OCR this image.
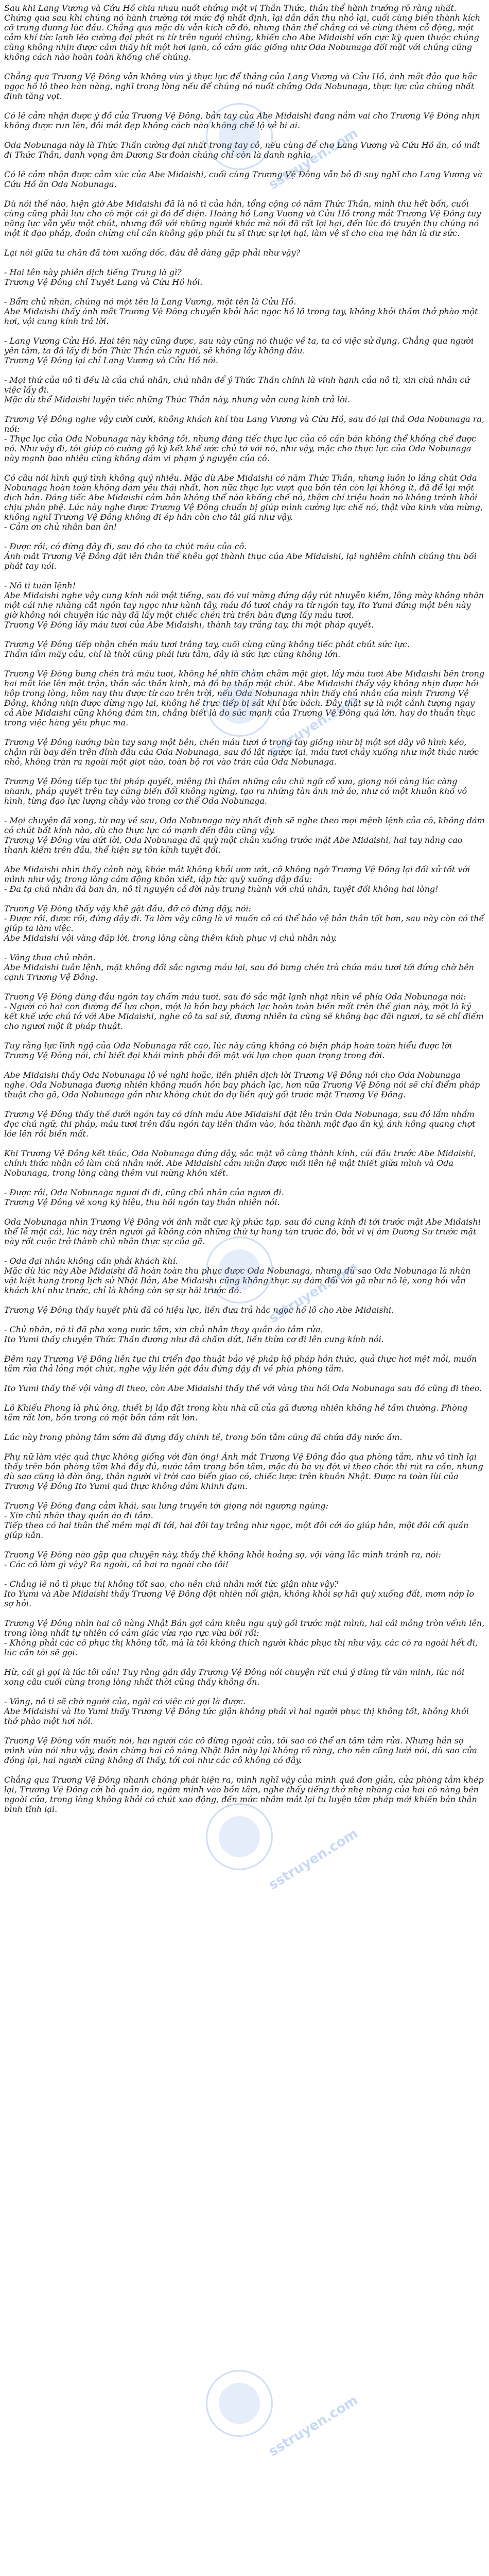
Sau khi Lang Vương và Cửu Hồ chia nhau nuốt chửng một vị Thần Thức, thân thể hành trướng rõ ràng nhất. Chứng qua sau khi chúng nó hành trường tới mức độ nhất định, lại dần dần thu nhỏ lại, cuối cùng biến thành kích cỡ trung đương lúc đầu. Chẳng qua mặc dù vẫn kích cỡ đó, nhưng thân thể chẳng có vẻ cùng thêm cỗ động, một cảm khí tức lạnh lẽo cường đại phát ra từ trên người chúng, khiến cho Abe Midaishi vốn cực kỳ quen thuộc chúng cũng không nhịn được cảm thấy hít một hơi lạnh, có cảm giác giống như Oda Nobunaga đối mặt với chúng cũng không cách nào hoàn toàn khống chế chúng.

Chẳng qua Trương Vệ Đông vẫn không vừa ý thực lực để thắng của Lang Vương và Cửu Hồ, ánh mắt đảo qua hắc ngọc hồ lô theo hàn nàng, nghĩ trong lòng nếu để chúng nó nuốt chửng Oda Nobunaga, thực lực của chúng nhất định tăng vọt.

Có lẽ cảm nhận được ý đồ của Trương Vệ Đông, bản tay của Abe Midaishi đang nắm vai cho Trương Vệ Đông nhịn không được run lên, đôi mắt đẹp không cách nào không chế lộ vẻ bi ai.

Oda Nobunaga này là Thức Thần cường đại nhất trong tay cô, nếu cùng để cho Lang Vương và Cửu Hồ ăn, có mất đi Thức Thần, danh vọng âm Dương Sư đoàn chúng chỉ còn là danh nghĩa.

Có lẽ cảm nhận được cảm xúc của Abe Midaishi, cuối cùng Trương Vệ Đông vẫn bỏ đi suy nghĩ cho Lang Vương và Cửu Hồ ăn Oda Nobunaga.

Dù nói thế nào, hiện giờ Abe Midaishi đã là nô tì của hắn, tổng cộng có năm Thức Thần, mình thu hết bốn, cuối cùng cũng phải lưu cho cô một cái gì đó để diện. Hoàng hồ Lang Vương và Cửu Hồ trong mắt Trương Vệ Đông tuy năng lực vẫn yếu một chút, nhưng đối với những người khác mà nói đã rất lợi hại, đến lúc đó truyền thụ chúng nó một ít đạo pháp, đoán chừng chỉ cần không gặp phải tu sĩ thực sự lợi hại, làm vệ sĩ cho cha mẹ hắn là dư sức.

Lại nói giữa tu chân đã tòm xuống dốc, đâu dễ dàng gặp phải như vậy?

- Hai tên này phiên dịch tiếng Trung là gì?
Trương Vệ Đông chỉ Tuyết Lang và Cửu Hồ hỏi.

- Bẩm chủ nhân, chúng nó một tên là Lang Vương, một tên là Cửu Hồ.
Abe Midaishi thấy ánh mắt Trương Vệ Đông chuyển khỏi hắc ngọc hồ lô trong tay, không khỏi thầm thở phào một hơi, vội cung kính trả lời.

- Lang Vương Cửu Hồ. Hai tên này cũng được, sau này cũng nó thuộc về ta, ta có việc sử dụng. Chẳng qua người yên tâm, ta đã lấy đi bốn Thức Thần của người, sẽ không lấy không đâu.
Trương Vệ Đông lại chỉ Lang Vương và Cửu Hồ nói.

- Mọi thứ của nô tì đều là của chủ nhân, chủ nhân để ý Thức Thần chính là vinh hạnh của nô tì, xin chủ nhân cứ việc lấy đi.
Mặc dù thể Midaishi luyện tiếc những Thức Thần này, nhưng vẫn cung kính trả lời.

Trương Vệ Đông nghe vậy cười cười, không khách khí thu Lang Vương và Cửu Hồ, sau đó lại thả Oda Nobunaga ra, nói:
- Thực lực của Oda Nobunaga này không tồi, nhưng đáng tiếc thực lực của cô cần bán không thể khống chế được nó. Như vậy đi, tôi giúp cô cường gộ kỳ kết khế ước chủ tớ với nó, như vậy, mặc cho thực lực của Oda Nobunaga này mạnh bao nhiêu cũng không dám vi phạm ý nguyện của cô.

Có câu nói hình quý tình không quý nhiều. Mặc dù Abe Midaishi có năm Thức Thần, nhưng luôn lo lắng chút Oda Nobunaga hoàn toàn không dám yêu thái nhất, hơn nữa thực lực vượt qua bốn tên còn lại không ít, đã để lại một dịch bản. Đáng tiếc Abe Midaishi cảm bản không thể nào khống chế nó, thậm chí triệu hoán nó không tránh khỏi chịu phản phệ. Lúc này nghe được Trương Vệ Đông chuẩn bị giúp mình cường lực chế nó, thật vừa kinh vừa mừng, không nghĩ Trương Vệ Đông không đi ép hắn còn cho tài giá như vậy.
- Cảm ơn chủ nhân ban ân!

- Được rồi, có đứng đây đi, sau đó cho ta chút máu của cô.
Ánh mắt Trương Vệ Đông đặt lên thân thể khêu gợi thành thục của Abe Midaishi, lại nghiêm chỉnh chúng thu bồi phát tay nói.

- Nô tì tuân lệnh!
Abe Midaishi nghe vậy cung kính nói một tiếng, sau đó vui mừng đứng dậy rút nhuyễn kiếm, lông mày không nhăn một cái nhẹ nhàng cắt ngón tay ngọc như hành tây, máu đỏ tươi chảy ra từ ngón tay, Ito Yumi đứng một bên này giờ không nói chuyện lúc này đã lấy một chiếc chén trà trên bàn đựng lấy máu tươi.
Trương Vệ Đông lấy máu tươi của Abe Midaishi, thành tay trắng tay, thi một pháp quyết.

Trương Vệ Đông tiếp nhận chén máu tươi trắng tay, cuối cùng cũng không tiếc phát chút sức lực.
Thẩm lẩm mấy câu, chỉ là thời cũng phải lưu tâm, đây là sức lực cũng không lớn.

Trương Vệ Đông bưng chén trà máu tươi, không hề nhìn chằm chằm một giọt, lấy máu tươi Abe Midaishi bên trong hai mắt lóe lên một trận, thần sắc thần kinh, mà đó hạ thấp một chút. Abe Midaishi thấy vậy không nhịn được hồi hộp trong lòng, hôm nay thu được từ cao trên trời, nếu Oda Nobunaga nhìn thấy chủ nhân của mình Trương Vệ Đông, không nhịn được dừng ngọ lại, không hề trực tiếp bị sát khí bức bách. Đây thật sự là một cảnh tượng ngay cả Abe Midaishi cũng không dám tin, chẳng biết là do sức mạnh của Trương Vệ Đông quá lớn, hay do thuần thục trong việc hàng yêu phục ma.

Trương Vệ Đông hướng bàn tay sang một bên, chén máu tươi ở trong tay giống như bị một sợi dây vô hình kéo, chậm rãi bay đến trên đỉnh đầu của Oda Nobunaga, sau đó lật ngược lại, máu tươi chảy xuống như một thác nước nhỏ, không tràn ra ngoài một giọt nào, toàn bộ rơi vào trán của Oda Nobunaga.

Trương Vệ Đông tiếp tục thi pháp quyết, miệng thì thầm những câu chú ngữ cổ xưa, giọng nói càng lúc càng nhanh, pháp quyết trên tay cũng biến đổi không ngừng, tạo ra những tàn ảnh mờ ảo, như có một khuôn khổ vô hình, từng đạo lực lượng chảy vào trong cơ thể Oda Nobunaga.

- Mọi chuyện đã xong, từ nay về sau, Oda Nobunaga này nhất định sẽ nghe theo mọi mệnh lệnh của cô, không dám có chút bất kính nào, dù cho thực lực có mạnh đến đâu cũng vậy.
Trương Vệ Đông vừa dứt lời, Oda Nobunaga đã quỳ một chân xuống trước mặt Abe Midaishi, hai tay nâng cao thanh kiếm trên đầu, thể hiện sự tôn kính tuyệt đối.

Abe Midaishi nhìn thấy cảnh này, khóe mắt không khỏi ươn ướt, cô không ngờ Trương Vệ Đông lại đối xử tốt với mình như vậy, trong lòng cảm động khôn xiết, lập tức quỳ xuống dập đầu:
- Đa tạ chủ nhân đã ban ân, nô tì nguyện cả đời này trung thành với chủ nhân, tuyệt đối không hai lòng!

Trương Vệ Đông thấy vậy khẽ gật đầu, đỡ cô đứng dậy, nói:
- Được rồi, được rồi, đứng dậy đi. Ta làm vậy cũng là vì muốn cô có thể bảo vệ bản thân tốt hơn, sau này còn có thể giúp ta làm việc.
Abe Midaishi vội vàng đáp lời, trong lòng càng thêm kính phục vị chủ nhân này.

- Vâng thưa chủ nhân.
Abe Midaishi tuân lệnh, mặt không đổi sắc ngưng máu lại, sau đó bưng chén trà chứa máu tươi tới đứng chờ bên cạnh Trương Vệ Đông.

Trương Vệ Đông dùng đầu ngón tay chấm máu tươi, sau đó sắc mặt lạnh nhạt nhìn về phía Oda Nobunaga nói:
- Người có hai con đường để lựa chọn, một là hồn bay phách lạc hoàn toàn biến mất trên thế gian này, một là ký kết khế ước chủ tớ với Abe Midaishi, nghe cô ta sai sử, đương nhiên ta cũng sẽ không bạc đãi ngươi, ta sẽ chỉ điểm cho ngươi một ít pháp thuật.

Tuy rằng lực lĩnh ngộ của Oda Nobunaga rất cao, lúc này cũng không có biện pháp hoàn toàn hiểu được lời Trương Vệ Đông nói, chỉ biết đại khái mình phải đối mặt với lựa chọn quan trọng trong đời.

Abe Midaishi thấy Oda Nobunaga lộ vẻ nghi hoặc, liền phiên dịch lời Trương Vệ Đông nói cho Oda Nobunaga nghe. Oda Nobunaga đương nhiên không muốn hồn bay phách lạc, hơn nữa Trương Vệ Đông nói sẽ chỉ điểm pháp thuật cho gã, Oda Nobunaga gần như không chút do dự liền quỳ gối trước mặt Trương Vệ Đông.

Trương Vệ Đông thấy thế dưới ngón tay có dính máu Abe Midaishi đặt lên trán Oda Nobunaga, sau đó lẩm nhẩm đọc chú ngữ, thi pháp, máu tươi trên đầu ngón tay liền thấm vào, hóa thành một đạo ấn ký, ánh hồng quang chợt lóe lên rồi biến mất.

Khi Trương Vệ Đông kết thúc, Oda Nobunaga đứng dậy, sắc mặt vô cùng thành kính, cúi đầu trước Abe Midaishi, chính thức nhận cô làm chủ nhân mới. Abe Midaishi cảm nhận được mối liên hệ mật thiết giữa mình và Oda Nobunaga, trong lòng càng thêm vui mừng khôn xiết.

- Được rồi, Oda Nobunaga ngươi đi đi, cũng chủ nhân của ngươi đi.
Trương Vệ Đông vẽ xong ký hiệu, thu hồi ngón tay thản nhiên nói.

Oda Nobunaga nhìn Trương Vệ Đông với ánh mắt cực kỳ phức tạp, sau đó cung kính đi tới trước mặt Abe Midaishi thể lễ một cái, lúc này trên người gã không còn những thứ tự hung tàn trước đó, bởi vì vị âm Dương Sư trước mặt này rốt cuộc trở thành chủ nhân thực sự của gã.

- Oda đại nhân không cần phải khách khí.
Mặc dù lúc này Abe Midaishi đã hoàn toàn thu phục được Oda Nobunaga, nhưng dù sao Oda Nobunaga là nhân vật kiệt hùng trong lịch sử Nhật Bản, Abe Midaishi cũng không thực sự dám đối với gã như nô lệ, xong hồi vẫn khách khí như trước, chỉ là không còn sợ sự hãi trước đó.

Trương Vệ Đông thấy huyết phù đã có hiệu lực, liền đưa trả hắc ngọc hồ lô cho Abe Midaishi.

- Chủ nhân, nô tì đã pha xong nước tắm, xin chủ nhân thay quần áo tắm rửa.
Ito Yumi thấy chuyện Thức Thần đương như đã chấm dứt, liền thừa cơ đi lên cung kính nói.

Đêm nay Trương Vệ Đông liên tục thi triển đạo thuật bảo vệ pháp hộ pháp hồn thức, quả thực hơi mệt mỏi, muốn tắm rửa thả lỏng một chút, nghe vậy liền gật đầu đứng dậy đi về phía phòng tắm.

Ito Yumi thấy thế vội vàng đi theo, còn Abe Midaishi thấy thế với vàng thu hồi Oda Nobunaga sau đó cũng đi theo.

Lô Khiếu Phong là phú ông, thiết bị lắp đặt trong khu nhà cũ của gã đương nhiên không hề tầm thường. Phòng tắm rất lớn, bồn trong có một bồn tắm rất lớn.

Lúc này trong phòng tắm sớm đã đựng đầy chính tề, trong bồn tắm cũng đã chứa đầy nước ấm.

Phụ nữ làm việc quả thực không giống với đàn ông! Ánh mắt Trương Vệ Đông đảo qua phòng tắm, như vô tình lại thấy trên bồn phòng tắm khá đầy đủ, nước tắm trong bồn tắm, mặc dù ba vụ đột vì theo chớc thi rút ra cần, nhưng dù sao cũng là đàn ông, thân người vì trời cao biển giao có, chiếc lược trên khuôn Nhật. Được ra toàn lùi của Trương Vệ Đông Ito Yumi quả thực không dám khinh đạm.

Trương Vệ Đông đang cảm khái, sau lưng truyền tới giọng nói ngượng ngùng:
- Xin chủ nhân thay quần áo đi tắm.
Tiếp theo có hai thân thể mềm mại đi tới, hai đôi tay trắng như ngọc, một đôi cởi áo giúp hắn, một đôi cởi quần giúp hắn.

Trương Vệ Đông nào gặp qua chuyện này, thấy thế không khỏi hoảng sợ, vội vàng lắc mình tránh ra, nói:
- Các cô làm gì vậy? Ra ngoài, cả hai ra ngoài cho tôi!

- Chẳng lẽ nô tì phục thị không tốt sao, cho nên chủ nhân mới tức giận như vậy?
Ito Yumi và Abe Midaishi thấy Trương Vệ Đông đột nhiên nổi giận, không khỏi sợ hãi quỳ xuống đất, mơm nớp lo sợ hỏi.

Trương Vệ Đông nhìn hai cô nàng Nhật Bản gợi cảm khêu ngu quỳ gối trước mặt mình, hai cái mông tròn vểnh lên, trong lòng nhất tự nhiên có cảm giác vừa rạo rực vừa bối rối:
- Không phải các cô phục thị không tốt, mà là tôi không thích người khác phục thị như vậy, các cô ra ngoài hết đi, lúc cần tôi sẽ gọi.

Hừ, cái gì gọi là lúc tôi cần! Tuy rằng gần đây Trương Vệ Đông nói chuyện rất chú ý dùng từ văn minh, lúc nói xong câu cuối cùng trong lòng nhất thời cũng thấy không ổn.

- Vâng, nô tì sẽ chờ người của, ngài có việc cứ gọi là được.
Abe Midaishi và Ito Yumi thấy Trương Vệ Đông tức giận không phải vì hai người phục thị không tốt, không khỏi thở phào một hơi nói.

Trương Vệ Đông vốn muốn nói, hai người các cô đừng ngoài cửa, tôi sao có thể an tâm tắm rửa. Nhưng hắn sợ mình vừa nói như vậy, đoán chừng hai cô nàng Nhật Bản này lại không rõ ràng, cho nên cũng lười nói, dù sao cửa đóng lại, hai người cũng không đi thấy, tới coi như các cô không có đây.

Chẳng qua Trương Vệ Đông nhanh chóng phát hiện ra, mình nghĩ vậy của mình quá đơn giản, cửa phòng tắm khép lại, Trương Vệ Đông cởi bỏ quần áo, ngâm mình vào bồn tắm, nghe thấy tiếng thở nhẹ nhàng của hai cô nàng bên ngoài cửa, trong lòng không khỏi có chút xao động, đến mức nhắm mắt lại tu luyện tâm pháp mới khiến bản thân bình tĩnh lại.

sstruyen.com
sstruyen.com
sstruyen.com
sstruyen.com
sstruyen.com
